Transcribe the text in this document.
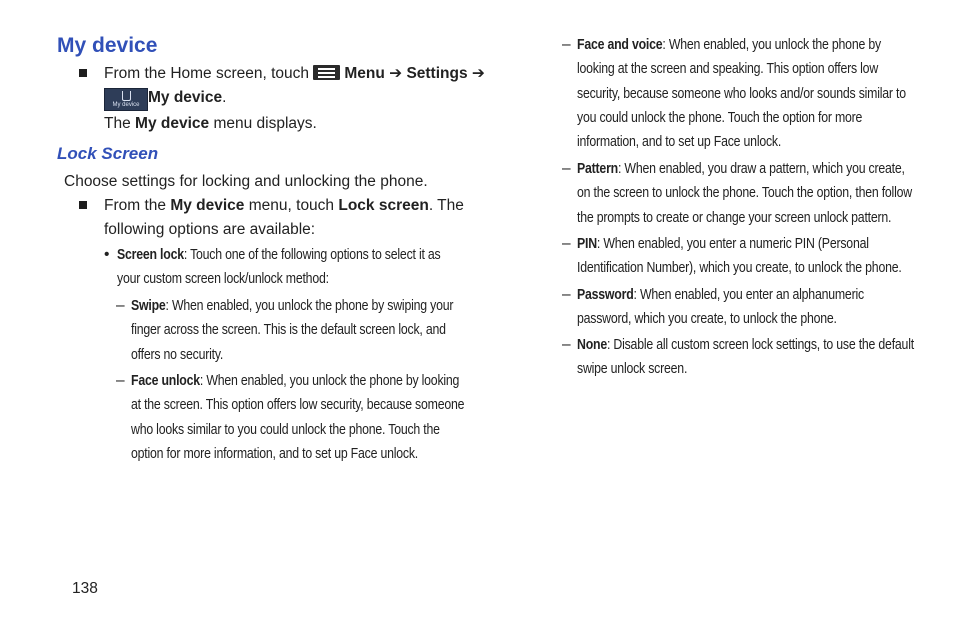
My device
From the Home screen, touch Menu ➔ Settings ➔
My device My device.
The My device menu displays.
Lock Screen
Choose settings for locking and unlocking the phone.
From the My device menu, touch Lock screen. The
following options are available:
• Screen lock: Touch one of the following options to select it as
your custom screen lock/unlock method:
– Swipe: When enabled, you unlock the phone by swiping your
finger across the screen. This is the default screen lock, and
offers no security.
– Face unlock: When enabled, you unlock the phone by looking
at the screen. This option offers low security, because someone
who looks similar to you could unlock the phone. Touch the
option for more information, and to set up Face unlock.
– Face and voice: When enabled, you unlock the phone by
looking at the screen and speaking. This option offers low
security, because someone who looks and/or sounds similar to
you could unlock the phone. Touch the option for more
information, and to set up Face unlock.
– Pattern: When enabled, you draw a pattern, which you create,
on the screen to unlock the phone. Touch the option, then follow
the prompts to create or change your screen unlock pattern.
– PIN: When enabled, you enter a numeric PIN (Personal
Identification Number), which you create, to unlock the phone.
– Password: When enabled, you enter an alphanumeric
password, which you create, to unlock the phone.
– None: Disable all custom screen lock settings, to use the default
swipe unlock screen.
138
